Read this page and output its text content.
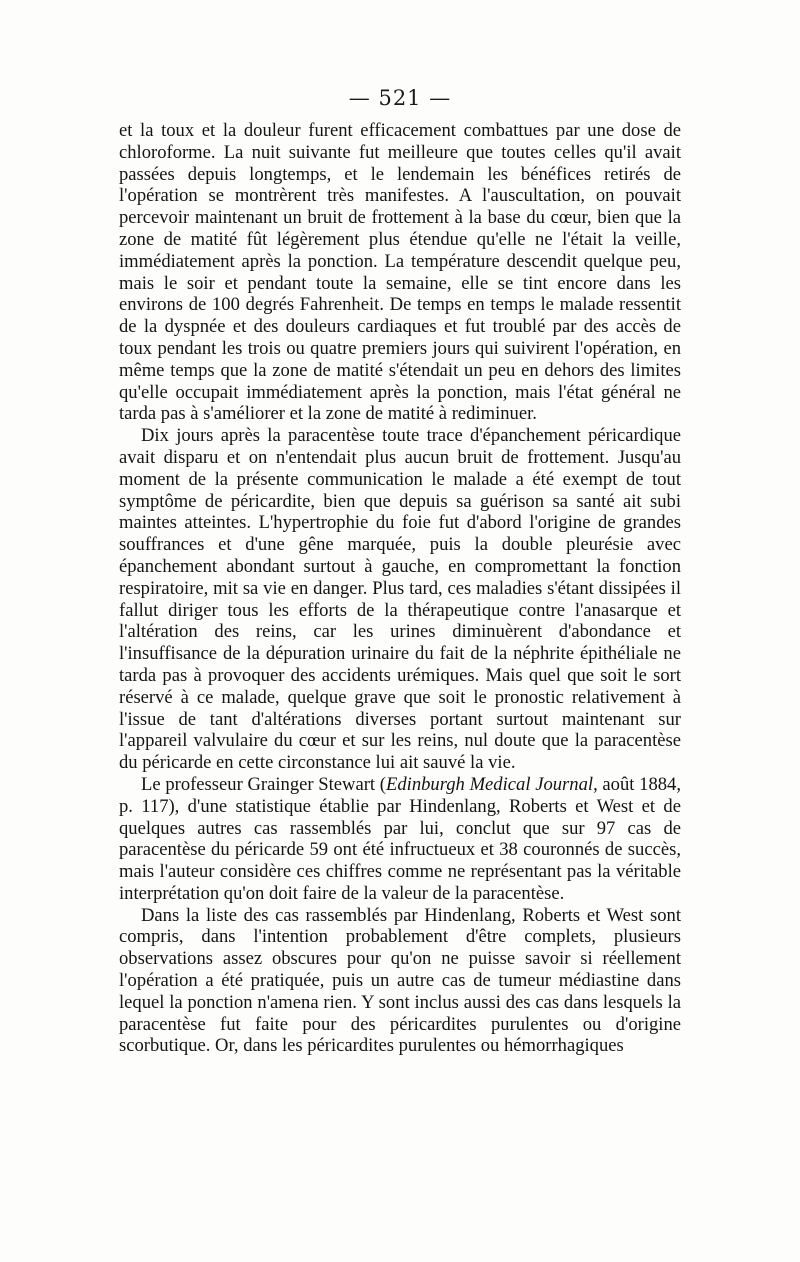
— 521 —

et la toux et la douleur furent efficacement combattues par une dose de chloroforme. La nuit suivante fut meilleure que toutes celles qu'il avait passées depuis longtemps, et le lendemain les bénéfices retirés de l'opération se montrèrent très manifestes. A l'auscultation, on pouvait percevoir maintenant un bruit de frottement à la base du cœur, bien que la zone de matité fût légèrement plus étendue qu'elle ne l'était la veille, immédiatement après la ponction. La température descendit quelque peu, mais le soir et pendant toute la semaine, elle se tint encore dans les environs de 100 degrés Fahrenheit. De temps en temps le malade ressentit de la dyspnée et des douleurs cardiaques et fut troublé par des accès de toux pendant les trois ou quatre premiers jours qui suivirent l'opération, en même temps que la zone de matité s'étendait un peu en dehors des limites qu'elle occupait immédiatement après la ponction, mais l'état général ne tarda pas à s'améliorer et la zone de matité à rediminuer.

Dix jours après la paracentèse toute trace d'épanchement péricardique avait disparu et on n'entendait plus aucun bruit de frottement. Jusqu'au moment de la présente communication le malade a été exempt de tout symptôme de péricardite, bien que depuis sa guérison sa santé ait subi maintes atteintes. L'hypertrophie du foie fut d'abord l'origine de grandes souffrances et d'une gêne marquée, puis la double pleurésie avec épanchement abondant surtout à gauche, en compromettant la fonction respiratoire, mit sa vie en danger. Plus tard, ces maladies s'étant dissipées il fallut diriger tous les efforts de la thérapeutique contre l'anasarque et l'altération des reins, car les urines diminuèrent d'abondance et l'insuffisance de la dépuration urinaire du fait de la néphrite épithéliale ne tarda pas à provoquer des accidents urémiques. Mais quel que soit le sort réservé à ce malade, quelque grave que soit le pronostic relativement à l'issue de tant d'altérations diverses portant surtout maintenant sur l'appareil valvulaire du cœur et sur les reins, nul doute que la paracentèse du péricarde en cette circonstance lui ait sauvé la vie.

Le professeur Grainger Stewart (Edinburgh Medical Journal, août 1884, p. 117), d'une statistique établie par Hindenlang, Roberts et West et de quelques autres cas rassemblés par lui, conclut que sur 97 cas de paracentèse du péricarde 59 ont été infructueux et 38 couronnés de succès, mais l'auteur considère ces chiffres comme ne représentant pas la véritable interprétation qu'on doit faire de la valeur de la paracentèse.

Dans la liste des cas rassemblés par Hindenlang, Roberts et West sont compris, dans l'intention probablement d'être complets, plusieurs observations assez obscures pour qu'on ne puisse savoir si réellement l'opération a été pratiquée, puis un autre cas de tumeur médiastine dans lequel la ponction n'amena rien. Y sont inclus aussi des cas dans lesquels la paracentèse fut faite pour des péricardites purulentes ou d'origine scorbutique. Or, dans les péricardites purulentes ou hémorrhagiques
